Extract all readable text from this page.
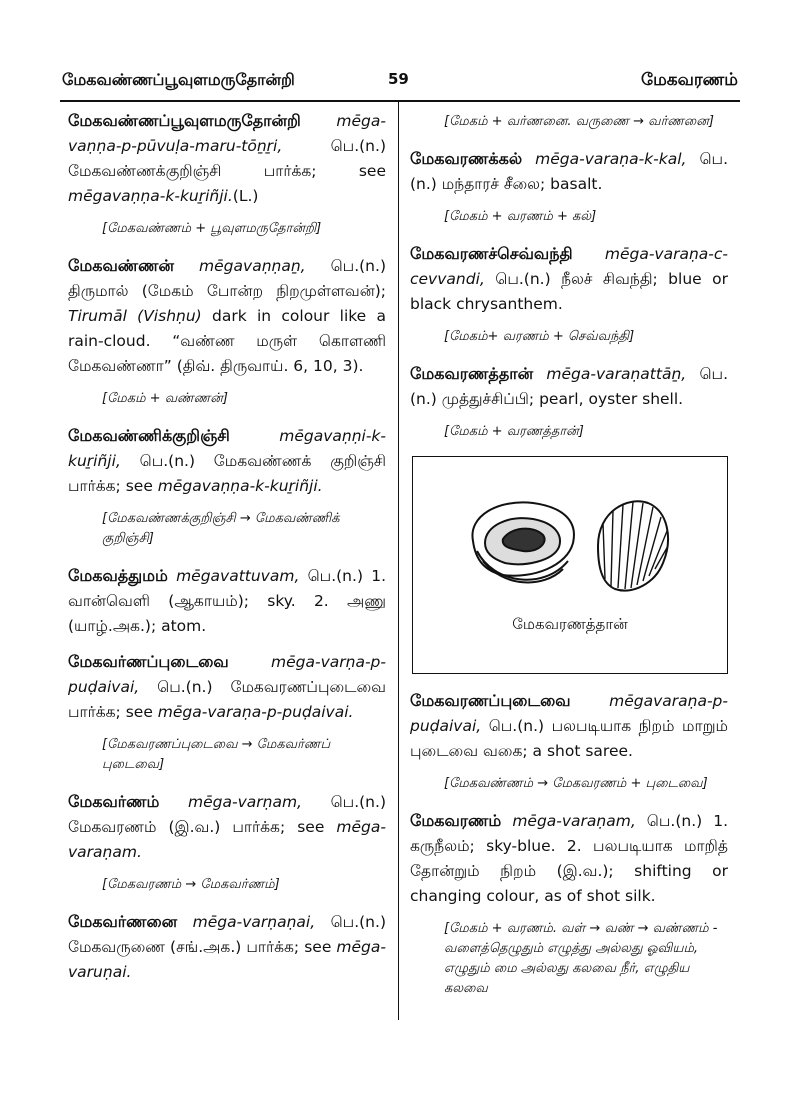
மேகவண்ணப்பூவுளமருதோன்றி	59	மேகவரணம்

மேகவண்ணப்பூவுளமருதோன்றி mēga-vaṇṇa-p-pūvuḷa-maru-tōṉṟi, பெ.(n.) மேகவண்ணக்குறிஞ்சி பார்க்க; see mēgavaṇṇa-k-kuṟiñji.(L.)

[மேகவண்ணம் + பூவுளமருதோன்றி]

மேகவண்ணன் mēgavaṇṇaṉ, பெ.(n.) திருமால் (மேகம் போன்ற நிறமுள்ளவன்); Tirumāl (Vishṇu) dark in colour like a rain-cloud. “வண்ண மருள் கொளணி மேகவண்ணா” (திவ். திருவாய். 6, 10, 3).

[மேகம் + வண்ணன்]

மேகவண்ணிக்குறிஞ்சி	mēgavaṇṇi-k-kuṟiñji, பெ.(n.) மேகவண்ணக் குறிஞ்சி பார்க்க; see mēgavaṇṇa-k-kuṟiñji.

[மேகவண்ணக்குறிஞ்சி → மேகவண்ணிக் குறிஞ்சி]

மேகவத்துமம் mēgavattuvam, பெ.(n.) 1. வான்வெளி (ஆகாயம்); sky. 2. அணு (யாழ்.அக.); atom.

மேகவர்ணப்புடைவை	mēga-varṇa-p-puḍaivai, பெ.(n.) மேகவரணப்புடைவை பார்க்க; see mēga-varaṇa-p-puḍaivai.

[மேகவரணப்புடைவை → மேகவர்ணப் புடைவை]

மேகவர்ணம் mēga-varṇam, பெ.(n.) மேகவரணம் (இ.வ.) பார்க்க; see mēga-varaṇam.

[மேகவரணம் → மேகவர்ணம்]

மேகவர்ணனை mēga-varṇaṇai, பெ.(n.) மேகவருணை (சங்.அக.) பார்க்க; see mēga-varuṇai.

[மேகம் + வர்ணனை. வருணை → வர்ணனை]

மேகவரணக்கல் mēga-varaṇa-k-kal, பெ.(n.) மந்தாரச் சீலை; basalt.

[மேகம் + வரணம் + கல்]

மேகவரணச்செவ்வந்தி mēga-varaṇa-c-cevvandi, பெ.(n.) நீலச் சிவந்தி; blue or black chrysanthem.

[மேகம்+ வரணம் + செவ்வந்தி]

மேகவரணத்தான் mēga-varaṇattāṉ, பெ.(n.) முத்துச்சிப்பி; pearl, oyster shell.

[மேகம் + வரணத்தான்]

மேகவரணத்தான்

மேகவரணப்புடைவை mēgavaraṇa-p-puḍaivai, பெ.(n.) பலபடியாக நிறம் மாறும் புடைவை வகை; a shot saree.

[மேகவண்ணம் → மேகவரணம் + புடைவை]

மேகவரணம் mēga-varaṇam, பெ.(n.) 1. கருநீலம்; sky-blue. 2. பலபடியாக மாறித் தோன்றும் நிறம் (இ.வ.); shifting or changing colour, as of shot silk.

[மேகம் + வரணம். வள் → வண் → வண்ணம் - வளைத்தெழுதும் எழுத்து அல்லது ஓவியம், எழுதும் மை அல்லது கலவை நீர், எழுதிய கலவை
